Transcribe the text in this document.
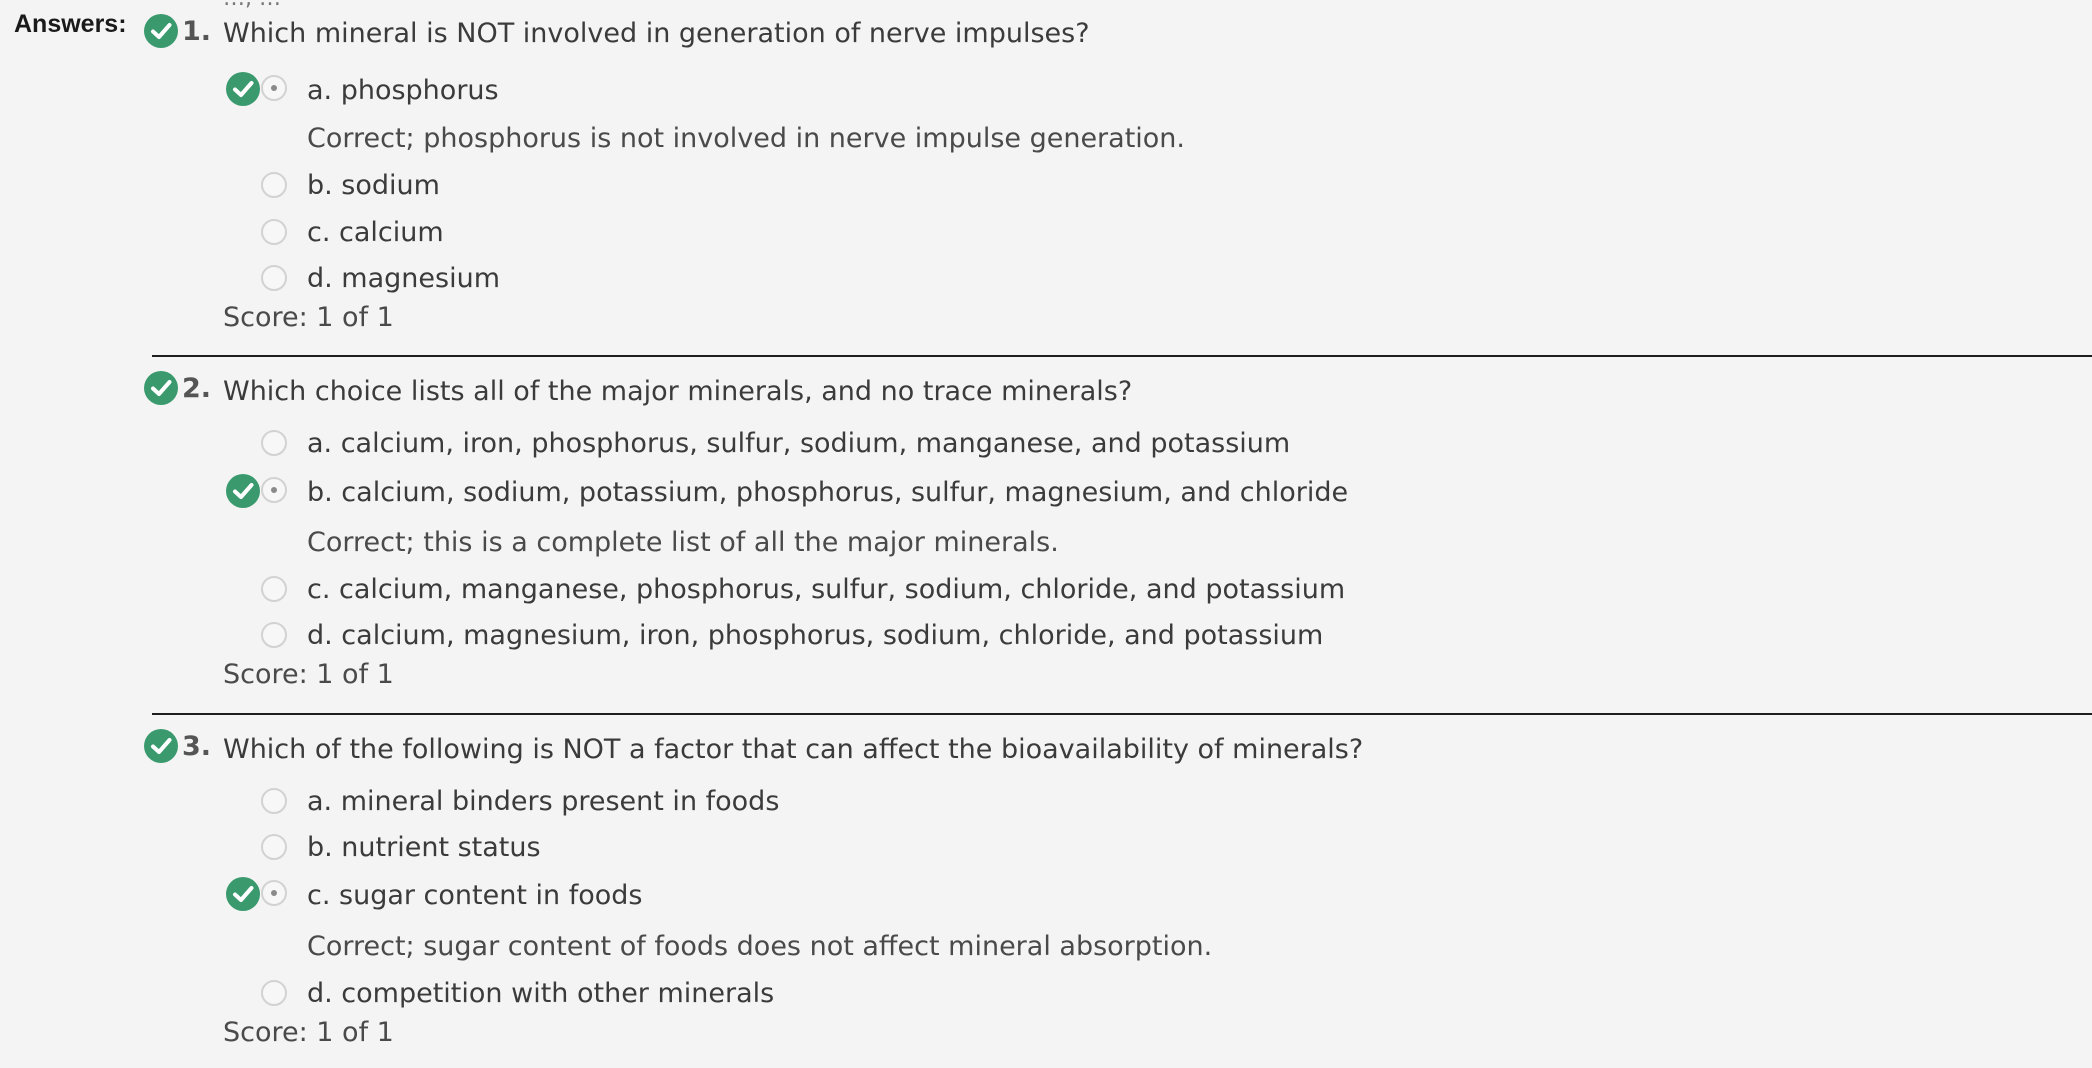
Answers: 1. Which mineral is NOT involved in generation of nerve impulses?
a. phosphorus
Correct; phosphorus is not involved in nerve impulse generation.
b. sodium
c. calcium
d. magnesium
Score: 1 of 1
2. Which choice lists all of the major minerals, and no trace minerals?
a. calcium, iron, phosphorus, sulfur, sodium, manganese, and potassium
b. calcium, sodium, potassium, phosphorus, sulfur, magnesium, and chloride
Correct; this is a complete list of all the major minerals.
c. calcium, manganese, phosphorus, sulfur, sodium, chloride, and potassium
d. calcium, magnesium, iron, phosphorus, sodium, chloride, and potassium
Score: 1 of 1
3. Which of the following is NOT a factor that can affect the bioavailability of minerals?
a. mineral binders present in foods
b. nutrient status
c. sugar content in foods
Correct; sugar content of foods does not affect mineral absorption.
d. competition with other minerals
Score: 1 of 1
